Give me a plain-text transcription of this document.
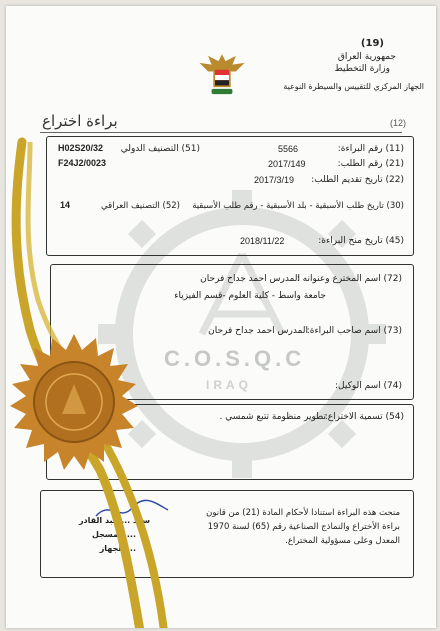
C.O.S.Q.C
IRAQ
(19)
جمهورية العراق
وزارة التخطيط
الجهاز المركزي للتقييس والسيطرة النوعية
براءة اختراع	(12)
(11) رقم البراءة:
5566
(21) رقم الطلب:
2017/149
(22) تاريخ تقديم الطلب:
2017/3/19
(51) التصنيف الدولي
H02S20/32
F24J2/0023
(30) تاريخ طلب الأسبقية - بلد الأسبقية - رقم طلب الأسبقية
(52) التصنيف العراقي
14
(45) تاريخ منح البراءة:
2018/11/22
(72) اسم المخترع وعنوانه :
المدرس احمد جداح فرحان
جامعة واسط - كلية العلوم -قسم الفيزياء
(73) اسم صاحب البراءة:
المدرس احمد جداح فرحان
(74) اسم الوكيل:
(54) تسمية الاختراع:
تطوير منظومة تتبع شمسي .
منحت هذه البراءة استنادا لأحكام المادة (21) من قانون
براءة الأختراع والنماذج الصناعية رقم (65) لسنة 1970
المعدل وعلى مسؤولية المختراع.
سعد ... عبد القادر
... المسجل
... الجهاز
